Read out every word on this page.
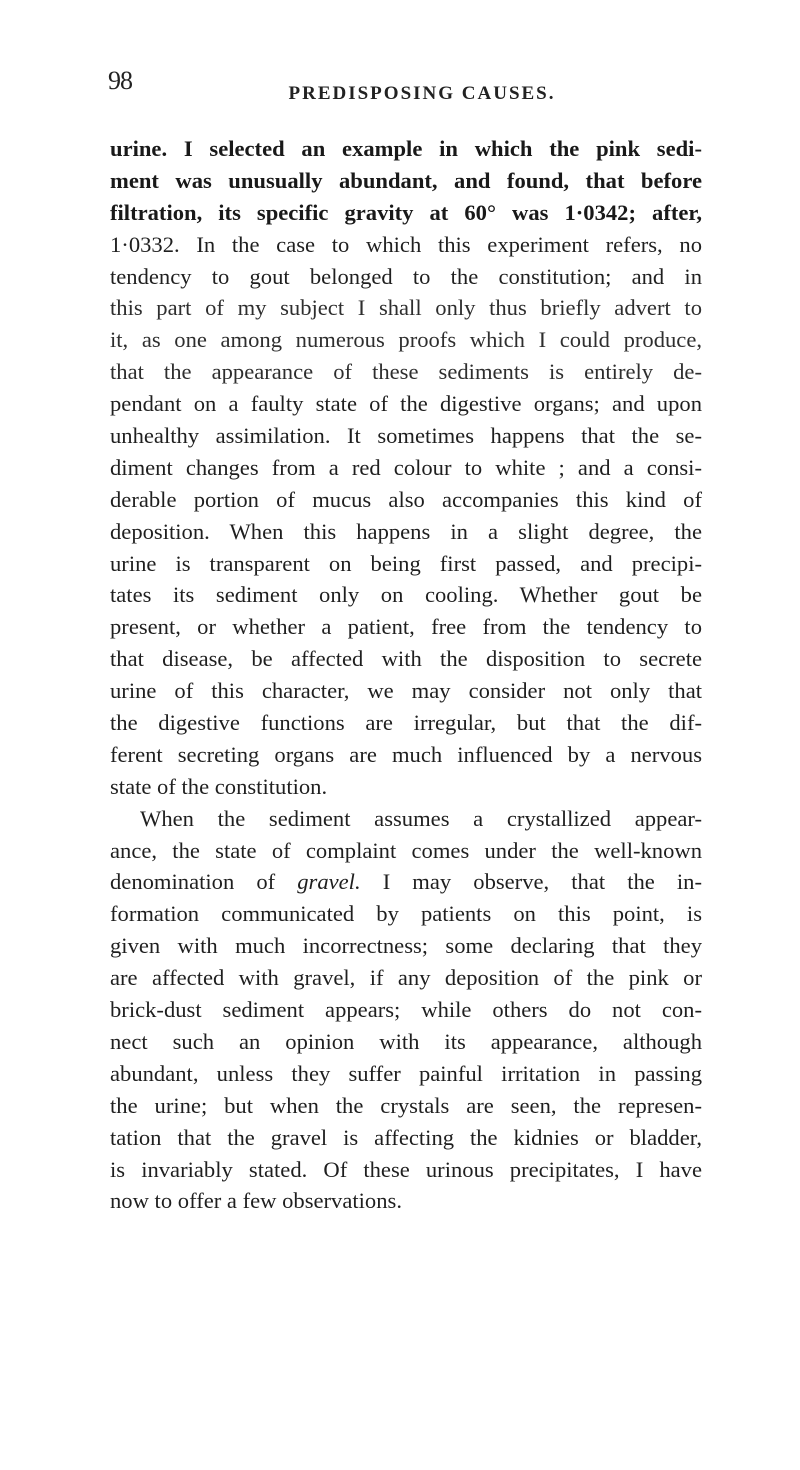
98	PREDISPOSING CAUSES.
urine. I selected an example in which the pink sedi-
ment was unusually abundant, and found, that before
filtration, its specific gravity at 60° was 1·0342; after,
1·0332. In the case to which this experiment refers, no
tendency to gout belonged to the constitution; and in
this part of my subject I shall only thus briefly advert to
it, as one among numerous proofs which I could produce,
that the appearance of these sediments is entirely de-
pendant on a faulty state of the digestive organs; and upon
unhealthy assimilation. It sometimes happens that the se-
diment changes from a red colour to white ; and a consi-
derable portion of mucus also accompanies this kind of
deposition. When this happens in a slight degree, the
urine is transparent on being first passed, and precipi-
tates its sediment only on cooling. Whether gout be
present, or whether a patient, free from the tendency to
that disease, be affected with the disposition to secrete
urine of this character, we may consider not only that
the digestive functions are irregular, but that the dif-
ferent secreting organs are much influenced by a nervous
state of the constitution.
When the sediment assumes a crystallized appear-
ance, the state of complaint comes under the well-known
denomination of gravel. I may observe, that the in-
formation communicated by patients on this point, is
given with much incorrectness; some declaring that they
are affected with gravel, if any deposition of the pink or
brick-dust sediment appears; while others do not con-
nect such an opinion with its appearance, although
abundant, unless they suffer painful irritation in passing
the urine; but when the crystals are seen, the represen-
tation that the gravel is affecting the kidnies or bladder,
is invariably stated. Of these urinous precipitates, I have
now to offer a few observations.
